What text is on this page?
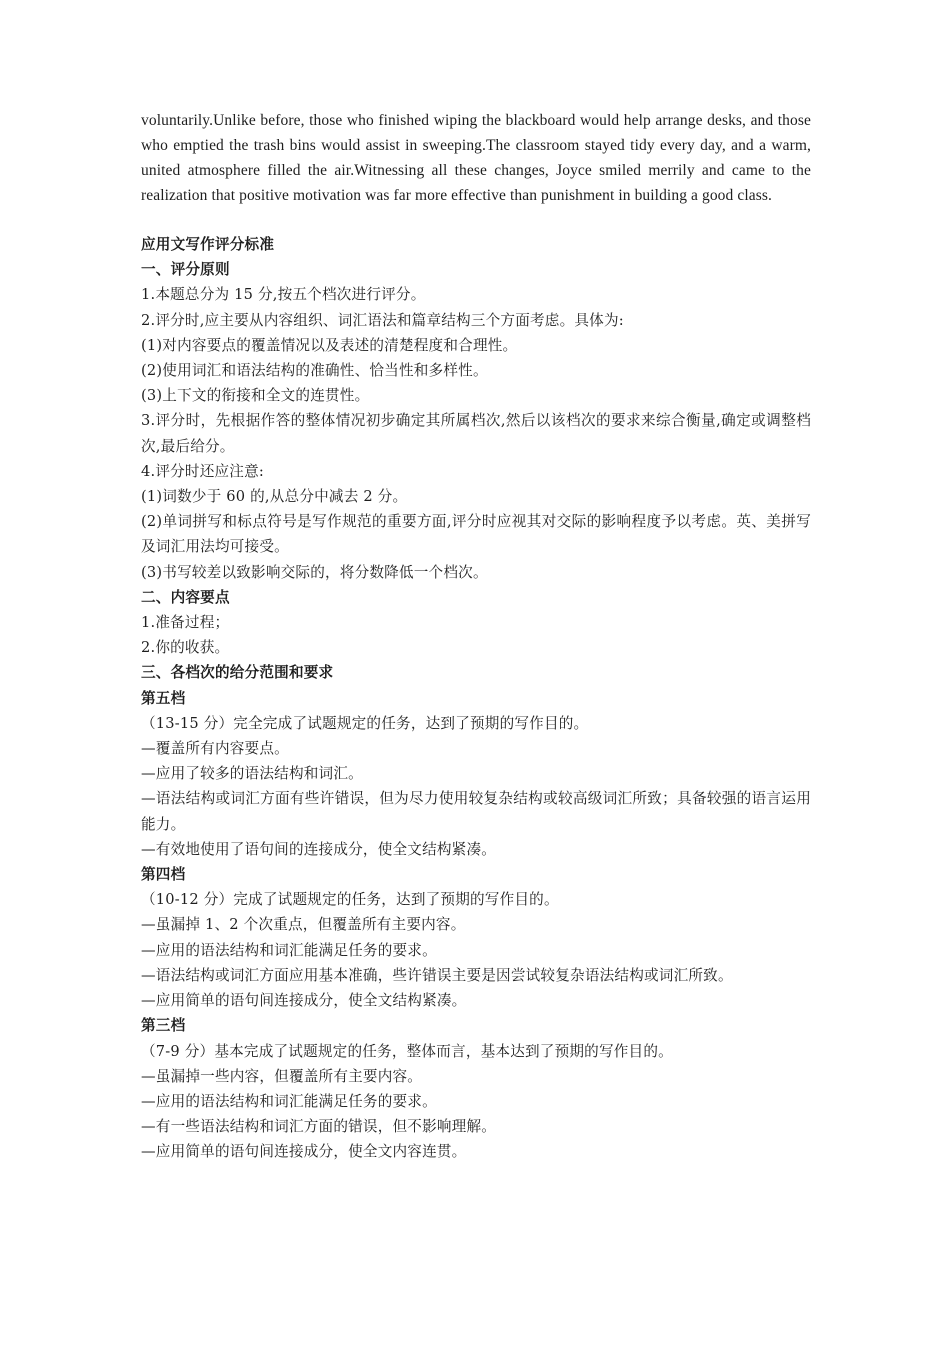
voluntarily.Unlike before, those who finished wiping the blackboard would help arrange desks, and those who emptied the trash bins would assist in sweeping.The classroom stayed tidy every day, and a warm, united atmosphere filled the air.Witnessing all these changes, Joyce smiled merrily and came to the realization that positive motivation was far more effective than punishment in building a good class.

应用文写作评分标准

一、评分原则

1.本题总分为 15 分,按五个档次进行评分。

2.评分时,应主要从内容组织、词汇语法和篇章结构三个方面考虑。具体为:

(1)对内容要点的覆盖情况以及表述的清楚程度和合理性。

(2)使用词汇和语法结构的准确性、恰当性和多样性。

(3)上下文的衔接和全文的连贯性。

3.评分时，先根据作答的整体情况初步确定其所属档次,然后以该档次的要求来综合衡量,确定或调整档次,最后给分。

4.评分时还应注意:

(1)词数少于 60 的,从总分中减去 2 分。

(2)单词拼写和标点符号是写作规范的重要方面,评分时应视其对交际的影响程度予以考虑。英、美拼写及词汇用法均可接受。

(3)书写较差以致影响交际的，将分数降低一个档次。

二、内容要点

1.准备过程；

2.你的收获。

三、各档次的给分范围和要求

第五档

（13-15 分）完全完成了试题规定的任务，达到了预期的写作目的。

—覆盖所有内容要点。

—应用了较多的语法结构和词汇。

—语法结构或词汇方面有些许错误，但为尽力使用较复杂结构或较高级词汇所致；具备较强的语言运用能力。

—有效地使用了语句间的连接成分，使全文结构紧凑。

第四档

（10-12 分）完成了试题规定的任务，达到了预期的写作目的。

—虽漏掉 1、2 个次重点，但覆盖所有主要内容。

—应用的语法结构和词汇能满足任务的要求。

—语法结构或词汇方面应用基本准确，些许错误主要是因尝试较复杂语法结构或词汇所致。

—应用简单的语句间连接成分，使全文结构紧凑。

第三档

（7-9 分）基本完成了试题规定的任务，整体而言，基本达到了预期的写作目的。

—虽漏掉一些内容，但覆盖所有主要内容。

—应用的语法结构和词汇能满足任务的要求。

—有一些语法结构和词汇方面的错误，但不影响理解。

—应用简单的语句间连接成分，使全文内容连贯。
